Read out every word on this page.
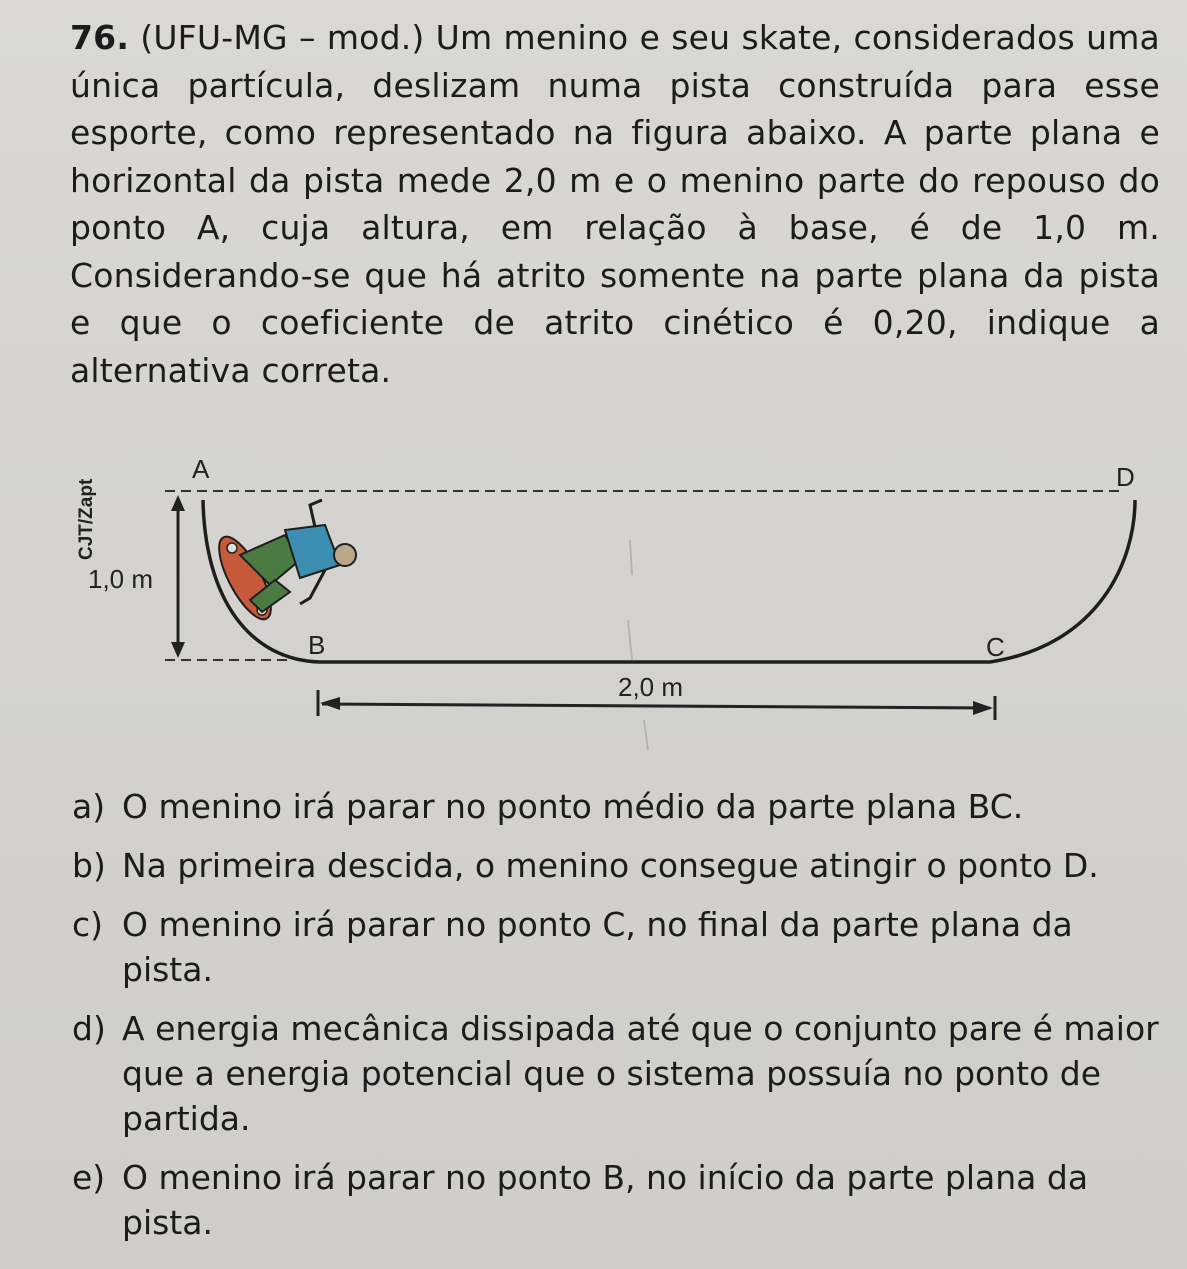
76. (UFU-MG – mod.) Um menino e seu skate, considerados uma única partícula, deslizam numa pista construída para esse esporte, como representado na figura abaixo. A parte plana e horizontal da pista mede 2,0 m e o menino parte do repouso do ponto A, cuja altura, em relação à base, é de 1,0 m. Considerando-se que há atrito somente na parte plana da pista e que o coeficiente de atrito cinético é 0,20, indique a alternativa correta.
CJT/Zapt
A	D
B	C
1,0 m
2,0 m
a) O menino irá parar no ponto médio da parte plana BC.
b) Na primeira descida, o menino consegue atingir o ponto D.
c) O menino irá parar no ponto C, no final da parte plana da pista.
d) A energia mecânica dissipada até que o conjunto pare é maior que a energia potencial que o sistema possuía no ponto de partida.
e) O menino irá parar no ponto B, no início da parte plana da pista.
